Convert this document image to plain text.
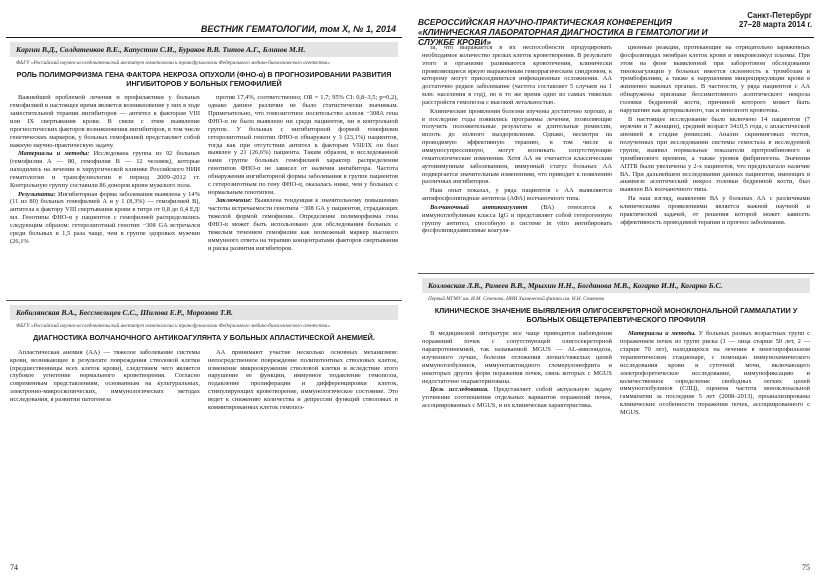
ВЕСТНИК ГЕМАТОЛОГИИ, том X, № 1, 2014
Каргин В.Д., Солдатенков В.Е., Капустин С.И., Бураков В.В. Титов А.Г., Блинов М.Н.
ФБГУ «Российский научно-исследовательский институт гематологии и трансфузиологии Федерального медико-биологического агентства»
РОЛЬ ПОЛИМОРФИЗМА ГЕНА ФАКТОРА НЕКРОЗА ОПУХОЛИ (ФНО-α) В ПРОГНОЗИРОВАНИИ РАЗВИТИЯ ИНГИБИТОРОВ У БОЛЬНЫХ ГЕМОФИЛИЕЙ

Важнейшей проблемой лечения и профилактики у больных гемофилией в настоящее время является возникновение у них в ходе заместительной терапии ингибиторов — антител к факторам VIII или IX свертывания крови. В связи с этим выявление прогностических факторов возникновения ингибиторов, в том числе генетических маркеров, у больных гемофилией представляет собой важную научно-практическую задачу.

Материалы и методы: Исследована группа из 92 больных (гемофилия А — 80, гемофилия В — 12 человек), которые находились на лечении в хирургической клинике Российского НИИ гематологии и трансфузиологии в период 2009–2012 гг. Контрольную группу составили 86 доноров крови мужского пола.

Результаты: Ингибиторная форма заболевания выявлена у 14% (11 из 80) больных гемофилией А и у 1 (8,3%) — гемофилией В), антитела к фактору VIII свертывания крови в титре от 0,8 до 6,4 ЕД/мл. Генотипы ФНО-α у пациентов с гемофилией распределились следующим образом: гетерозиготный генотип −308 GA встречался среди больных в 1,5 раза чаще, чем в группе здоровых мужчин (26,1%

против 17,4%, соответственно; OR = 1,7; 95% CI: 0,8–3,5; p=0,2), однако данное различие не было статистически значимым. Примечательно, что гомозиготное носительство аллеля −308A гена ФНО-α не было выявлено ни среди пациентов, ни в контрольной группе. У больных с ингибиторной формой гемофилии гетерозиготный генотип ФНО-α обнаружен у 3 (23,1%) пациентов, тогда как при отсутствии антител к факторам VIII/IX он был выявлен у 21 (26,6%) пациента. Таким образом, в исследованной нами группе больных гемофилией характер распределения генотипов ФНО-α не зависел от наличия ингибитора. Частота обнаружения ингибиторной формы заболевания в группе пациентов с гетерозиготным по гену ФНО-α, оказалась ниже, чем у больных с нормальным генотипом.

Заключение: Выявлена тенденция к значительному повышению частоты встречаемости генотипа −308 GA у пациентов, страдающих тяжелой формой гемофилии. Определение полиморфизма гена ФНО-α может быть использовано для обследования больных с тяжелым течением гемофилии как возможный маркер высокого иммунного ответа на терапию концентратами факторов свертывания и риска развития ингибиторов.

Кобилянская В.А., Бессмельцев С.С., Шилова Е.Р., Морозова Т.В.
ФБГУ «Российский научно-исследовательский институт гематологии и трансфузиологии Федерального медико-биологического агентства»
ДИАГНОСТИКА ВОЛЧАНОЧНОГО АНТИКОАГУЛЯНТА У БОЛЬНЫХ АПЛАСТИЧЕСКОЙ АНЕМИЕЙ.

Апластическая анемия (АА) — тяжелое заболевание системы крови, возникающее в результате повреждения стволовой клетки (предшественницы всех клеток крови), следствием чего является глубокое угнетение нормального кроветворения. Согласно современным представлениям, основанным на культуральных, электронно-микроскопических, иммунологических методах исследования, в развитии патогенеза

АА принимают участие несколько основных механизмов: непосредственное повреждение полипотентных стволовых клеток, изменение микроокружения стволовой клетки и вследствие этого нарушение ее функции, иммунное подавление гемопоэза, подавление пролиферации и дифференцировки клеток, стимулирующих кроветворение, иммунологическое состояние. Это ведет к снижению количества и депрессии функций стволовых и коммитированных клеток гемопоэ-

74
ВСЕРОССИЙСКАЯ НАУЧНО-ПРАКТИЧЕСКАЯ КОНФЕРЕНЦИЯ «КЛИНИЧЕСКАЯ ЛАБОРАТОРНАЯ ДИАГНОСТИКА В ГЕМАТОЛОГИИ И СЛУЖБЕ КРОВИ»
Санкт-Петербург
27–28 марта 2014 г.

за, что выражается в их неспособности продуцировать необходимое количество зрелых клеток кроветворения. В результате этого в организме развиваются кровотечения, клинически проявляющиеся яркую выраженным геморрагическим синдромом, к которому могут присоединиться инфекционные осложнения. АА достаточно редкое заболевание (частота составляет 5 случаев на 1 млн. населения в год), но в то же время одно из самых тяжелых расстройств гемопоэза с высокой летальностью.

Клинические проявления болезни изучены достаточно хорошо, и в последние годы появились программы лечения, позволяющие получить положительные результаты и длительные ремиссии, вплоть до полного выздоровления. Однако, несмотря на проводимую эффективную терапию, в том числе и иммуносупрессивную, могут возникать сопутствующие гематологические изменения. Хотя АА не считается классическим аутоиммунным заболеванием, иммунный статус больных АА подвергается значительным изменениям, что приводит к появлению различных ингибиторов.

Наш опыт показал, у ряда пациентов с АА выявляются антифосфолипидные антитела (АФА) волчаночного типа.

Волчаночный антикоагулянт (ВА) относится к иммуноглобулинам класса IgG и представляет собой гетерогенную группу антител, способную в системе in vitro ингибировать фосфолипидзависимые коагуля-

ционные реакции, протекающие на отрицательно заряженных фосфолипидах мембран клеток крови и микровезикул плазмы. При этом на фоне выявленной при заборотовом обследовании тинокоагуляции у больных имеется склонность к тромбозам и тромбофилиям, а также к нарушениям микроциркуляции крови в жизненно важных органах. В частности, у ряда пациентов с АА обнаружены признаки бессимптомного асептического некроза головки бедренной кости, причиной которого может быть нарушение как артериального, так и венозного кровотока.

В настоящее исследование было включено 14 пациентов (7 мужчин и 7 женщин), средний возраст 34±0,5 года, с апластической анемией в стадии ремиссии. Анализ скрининговых тестов, полученных при исследовании системы гемостаза в исследуемой группе, выявил нормальные показатели протромбинового и тромбинового времени, а также уровня фибриногена. Значения АПТВ были увеличены у 2-х пациентов, что предполагало наличие ВА. При дальнейшем исследовании данных пациентов, имеющих в анамнезе асептический некроз головки бедренной кости, был выявлен ВА волчаночного типа.

На наш взгляд, выявление ВА у больных АА с различными клиническими проявлениями является важной научной и практической задачей, от решения которой может зависеть эффективность проводимой терапии и прогноз заболевания.

Козловская Л.В., Рамеев В.В., Мрыхин Н.Н., Богданова М.В., Когарко И.Н., Когарко Б.С.
Первый МГМУ им. И.М. Сеченова, НИИ Химической физики им. Н.Н. Семенова
КЛИНИЧЕСКОЕ ЗНАЧЕНИЕ ВЫЯВЛЕНИЯ ОЛИГОСЕКРЕТОРНОЙ МОНОКЛОНАЛЬНОЙ ГАММАПАТИИ У БОЛЬНЫХ ОБЩЕТЕРАПЕВТИЧЕСКОГО ПРОФИЛЯ

В медицинской литературе все чаще приводятся наблюдения поражений почек с сопутствующей олигосекреторной парапротеинемией, так называемой MGUS — AL-амилоидоза, изученного лучше, болезни отложения легких/тяжелых цепей иммуноглобулинов, иммунотактоидного гломерулонефрита и некоторых других форм поражения почек, связь которых с MGUS недостаточно охарактеризована.

Цель исследования. Представляет собой актуальную задачу уточнение соотношения отдельных вариантов поражений почек, ассоциированных с MGUS, и их клиническая характеристика.

Материалы и методы. У больных разных возрастных групп с поражением почек из групп риска (1 — лица старше 50 лет, 2 — старше 70 лет), находящихся на лечении в многопрофильном терапевтическом стационаре, с помощью иммунохимического исследования крови и суточной мочи, включающего электрофоретическое исследование, иммунофиксацию и количественное определение свободных легких цепей иммуноглобулинов (СЛЦ), оценена частота моноклональной гаммапатии за последние 5 лет (2008–2013), проанализированы клинические особенности поражения почек, ассоциированного с MGUS.

75
